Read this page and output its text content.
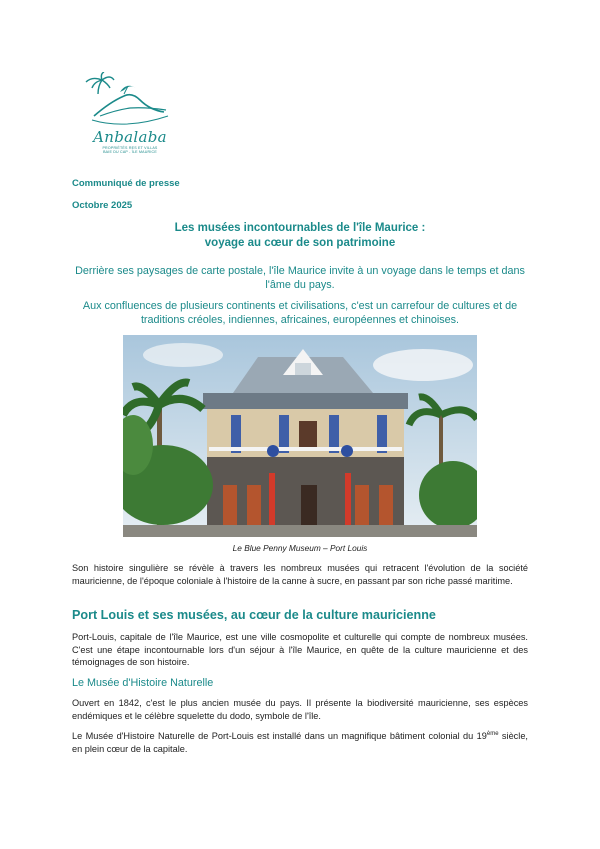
Anbalaba
PROPRIÉTÉS RES ET VILLAS
BAIE DU CAP - ÎLE MAURICE
Communiqué de presse
Octobre 2025
Les musées incontournables de l'île Maurice :
voyage au cœur de son patrimoine
Derrière ses paysages de carte postale, l'île Maurice invite à un voyage dans le temps et dans l'âme du pays.
Aux confluences de plusieurs continents et civilisations, c'est un carrefour de cultures et de traditions créoles, indiennes, africaines, européennes et chinoises.
Le Blue Penny Museum – Port Louis
Son histoire singulière se révèle à travers les nombreux musées qui retracent l'évolution de la société mauricienne, de l'époque coloniale à l'histoire de la canne à sucre, en passant par son riche passé maritime.
Port Louis et ses musées, au cœur de la culture mauricienne
Port-Louis, capitale de l'île Maurice, est une ville cosmopolite et culturelle qui compte de nombreux musées. C'est une étape incontournable lors d'un séjour à l'île Maurice, en quête de la culture mauricienne et des témoignages de son histoire.
Le Musée d'Histoire Naturelle
Ouvert en 1842, c'est le plus ancien musée du pays. Il présente la biodiversité mauricienne, ses espèces endémiques et le célèbre squelette du dodo, symbole de l'île.
Le Musée d'Histoire Naturelle de Port-Louis est installé dans un magnifique bâtiment colonial du 19ème siècle, en plein cœur de la capitale.
